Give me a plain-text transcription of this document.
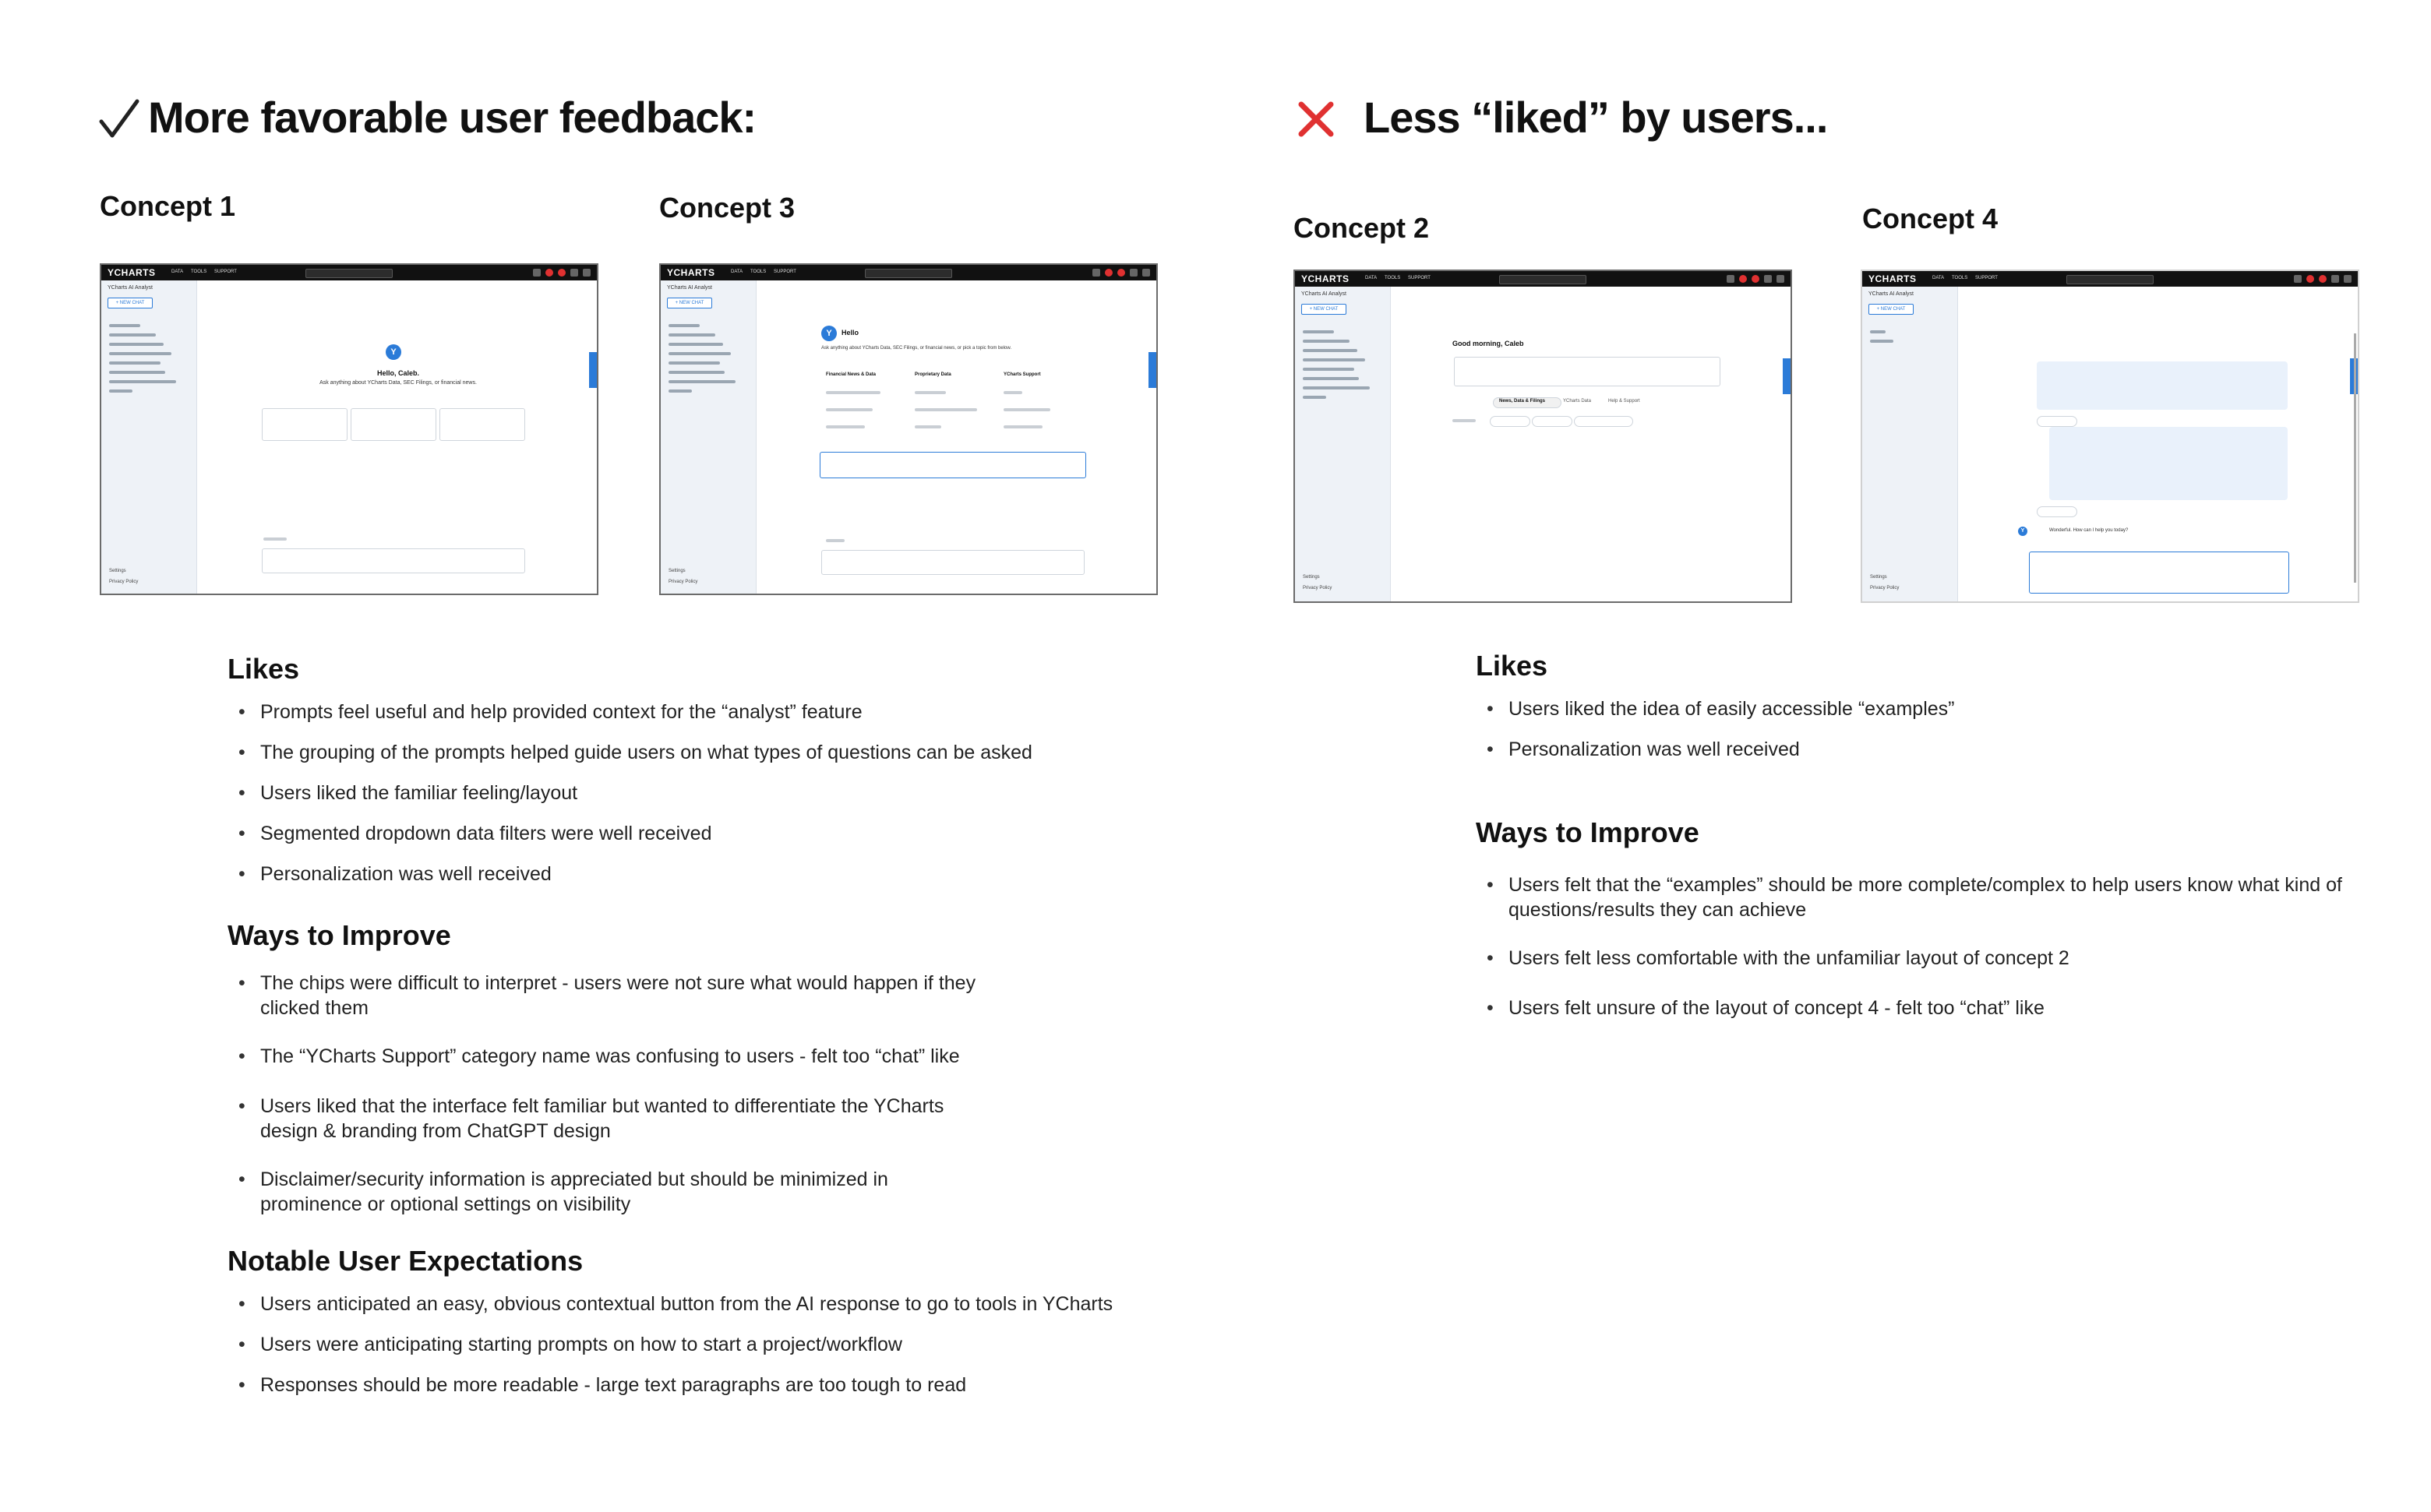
More favorable user feedback:	Less “liked” by users...
Concept 1	Concept 3
Concept 2	Concept 4
YCHARTS	DATA TOOLS SUPPORT
YCharts AI Analyst
+ NEW CHAT
Settings
Privacy Policy
Y
Hello, Caleb.
Ask anything about YCharts Data, SEC Filings, or financial news.
YCHARTS	DATA TOOLS SUPPORT
YCharts AI Analyst
+ NEW CHAT
Settings
Privacy Policy
Y	Hello
Ask anything about YCharts Data, SEC Filings, or financial news, or pick a topic from below.
Financial News & Data	Proprietary Data	YCharts Support
YCHARTS	DATA TOOLS SUPPORT
YCharts AI Analyst
+ NEW CHAT
Settings
Privacy Policy
Good morning, Caleb
News, Data & Filings	YCharts Data	Help & Support
YCHARTS	DATA TOOLS SUPPORT
YCharts AI Analyst
+ NEW CHAT
Settings
Privacy Policy
Y	Wonderful. How can I help you today?
Likes
• Prompts feel useful and help provided context for the “analyst” feature
• The grouping of the prompts helped guide users on what types of questions can be asked
• Users liked the familiar feeling/layout
• Segmented dropdown data filters were well received
• Personalization was well received
Ways to Improve
• The chips were difficult to interpret - users were not sure what would happen if they clicked them
• The “YCharts Support” category name was confusing to users - felt too “chat” like
• Users liked that the interface felt familiar but wanted to differentiate the YCharts design & branding from ChatGPT design
• Disclaimer/security information is appreciated but should be minimized in prominence or optional settings on visibility
Notable User Expectations
• Users anticipated an easy, obvious contextual button from the AI response to go to tools in YCharts
• Users were anticipating starting prompts on how to start a project/workflow
• Responses should be more readable - large text paragraphs are too tough to read
Likes
• Users liked the idea of easily accessible “examples”
• Personalization was well received
Ways to Improve
• Users felt that the “examples” should be more complete/complex to help users know what kind of questions/results they can achieve
• Users felt less comfortable with the unfamiliar layout of concept 2
• Users felt unsure of the layout of concept 4 - felt too “chat” like
